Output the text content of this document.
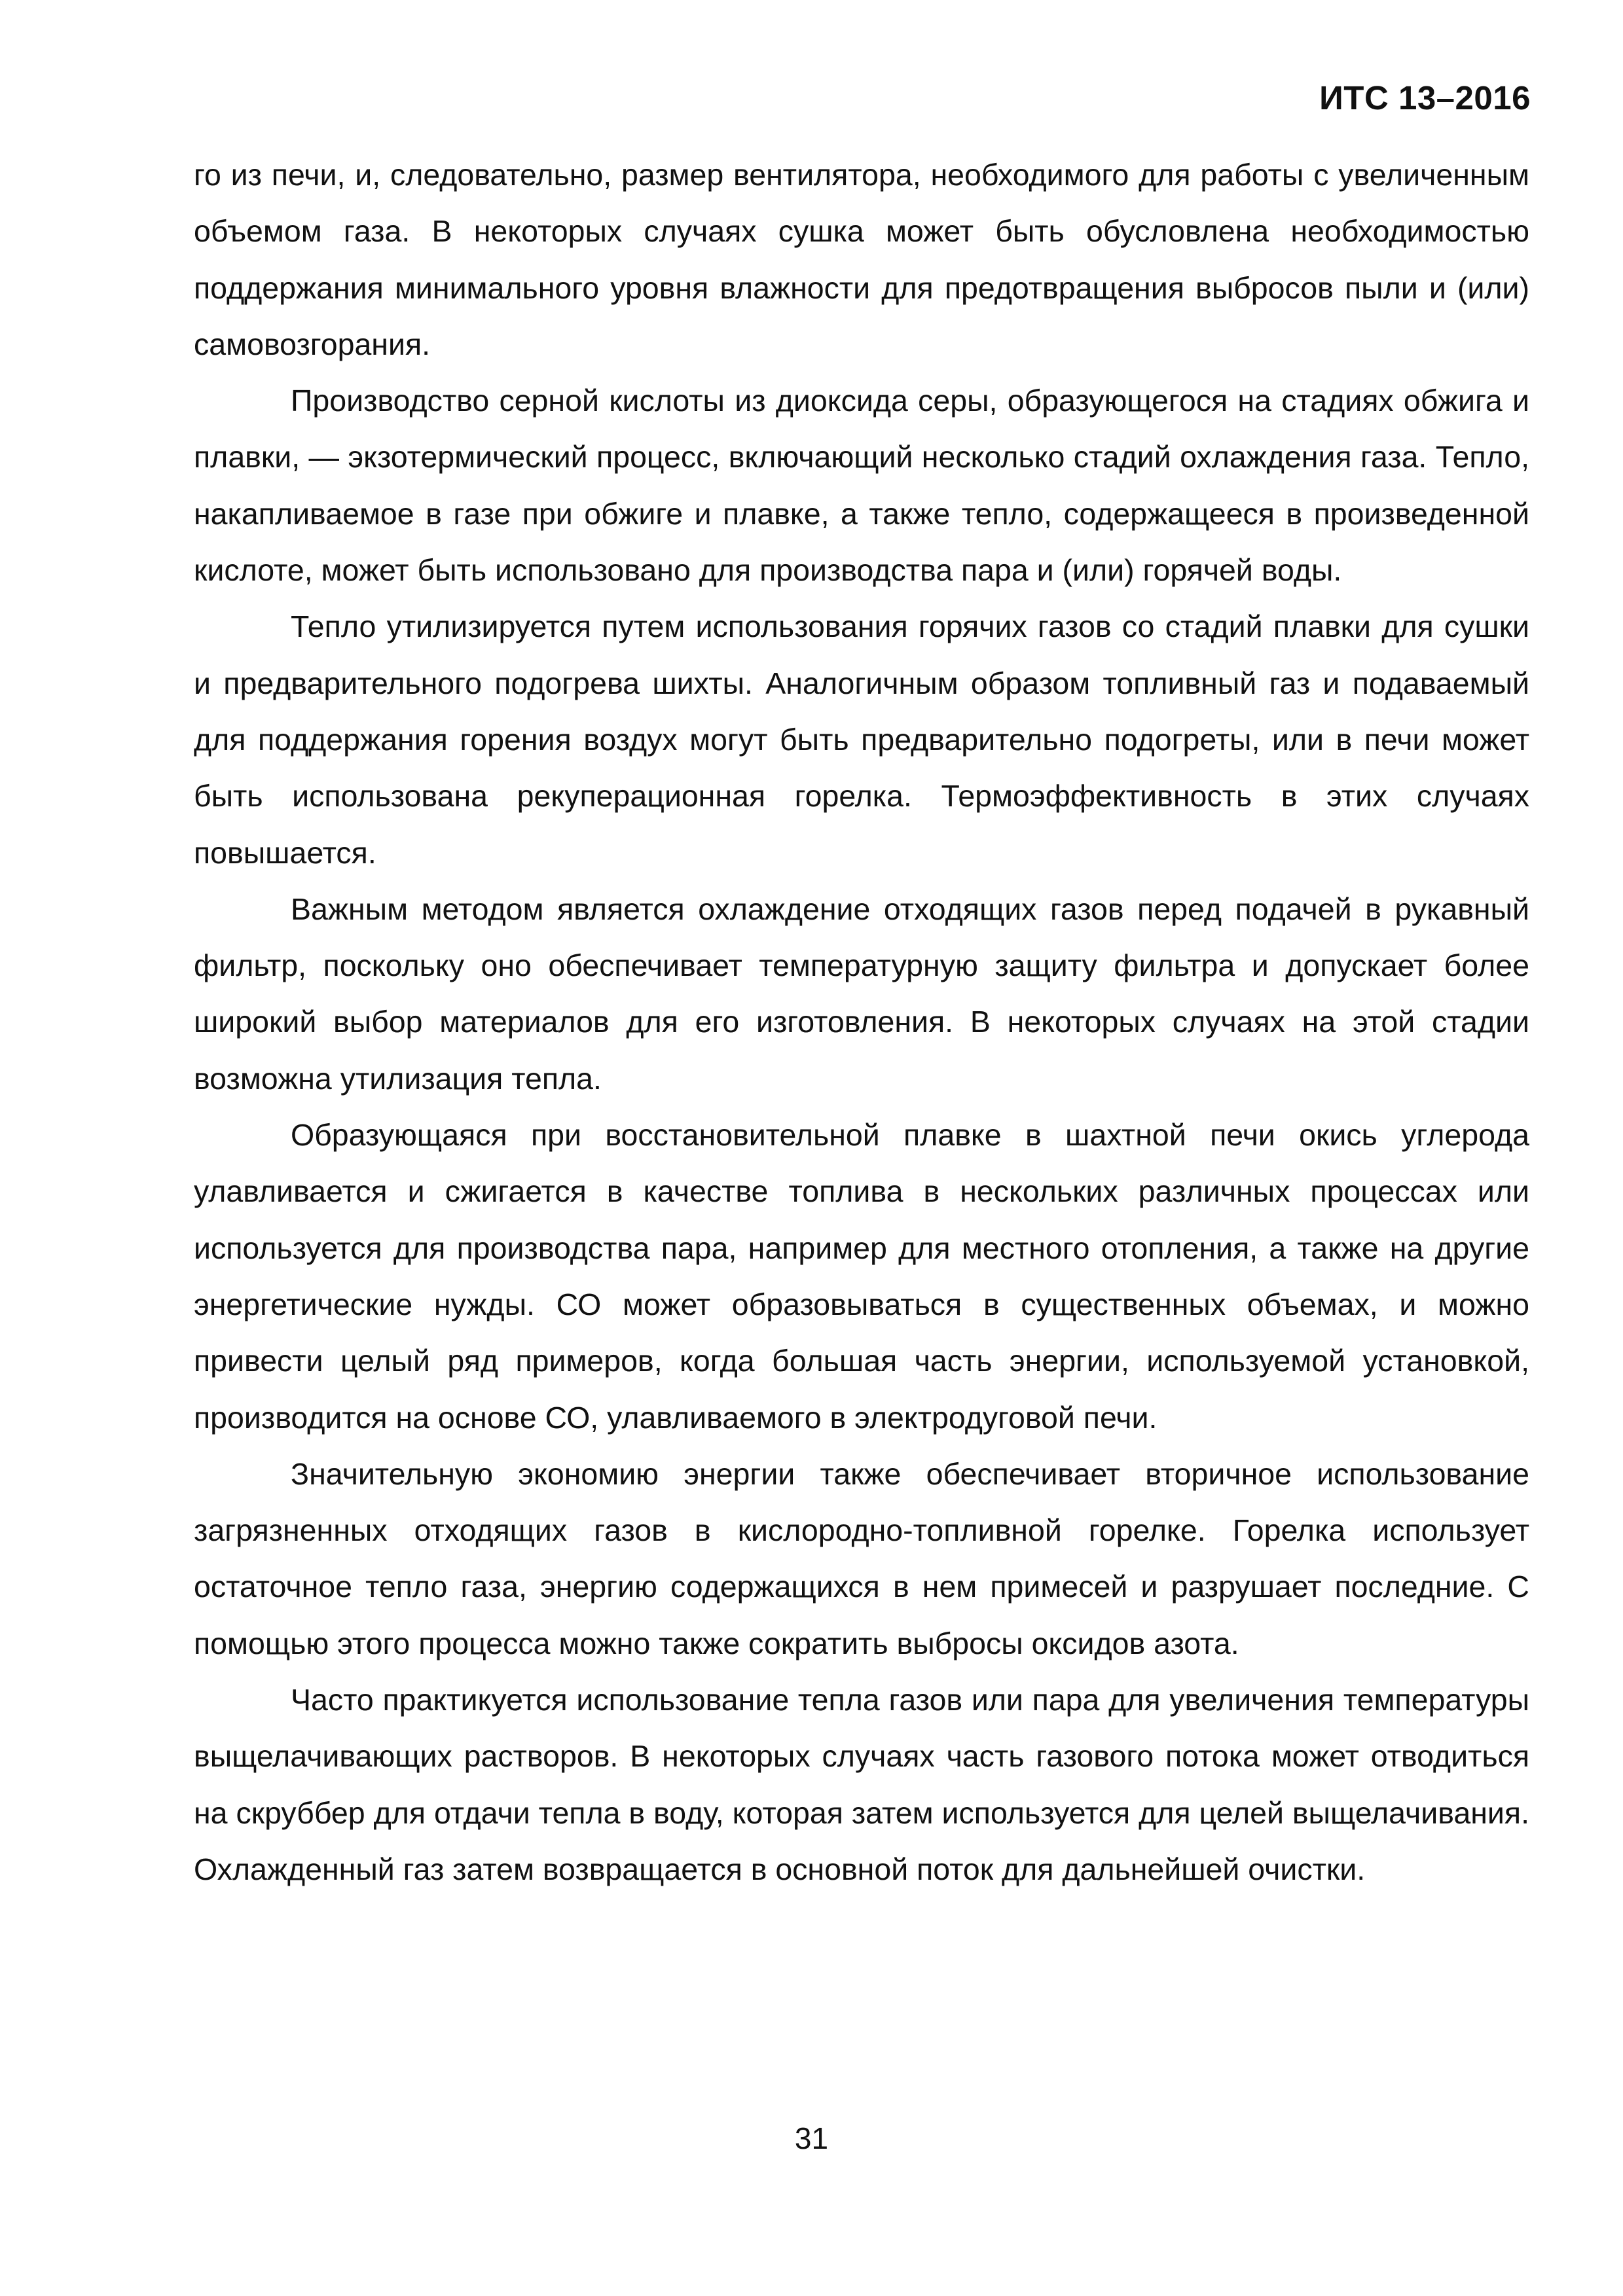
ИТС 13–2016

го из печи, и, следовательно, размер вентилятора, необходимого для работы с увеличенным объемом газа. В некоторых случаях сушка может быть обусловлена необходимостью поддержания минимального уровня влажности для предотвращения выбросов пыли и (или) самовозгорания.

Производство серной кислоты из диоксида серы, образующегося на стадиях обжига и плавки, — экзотермический процесс, включающий несколько стадий охлаждения газа. Тепло, накапливаемое в газе при обжиге и плавке, а также тепло, содержащееся в произведенной кислоте, может быть использовано для производства пара и (или) горячей воды.

Тепло утилизируется путем использования горячих газов со стадий плавки для сушки и предварительного подогрева шихты. Аналогичным образом топливный газ и подаваемый для поддержания горения воздух могут быть предварительно подогреты, или в печи может быть использована рекуперационная горелка. Термоэффективность в этих случаях повышается.

Важным методом является охлаждение отходящих газов перед подачей в рукавный фильтр, поскольку оно обеспечивает температурную защиту фильтра и допускает более широкий выбор материалов для его изготовления. В некоторых случаях на этой стадии возможна утилизация тепла.

Образующаяся при восстановительной плавке в шахтной печи окись углерода улавливается и сжигается в качестве топлива в нескольких различных процессах или используется для производства пара, например для местного отопления, а также на другие энергетические нужды. СО может образовываться в существенных объемах, и можно привести целый ряд примеров, когда большая часть энергии, используемой установкой, производится на основе СО, улавливаемого в электродуговой печи.

Значительную экономию энергии также обеспечивает вторичное использование загрязненных отходящих газов в кислородно-топливной горелке. Горелка использует остаточное тепло газа, энергию содержащихся в нем примесей и разрушает последние. С помощью этого процесса можно также сократить выбросы оксидов азота.

Часто практикуется использование тепла газов или пара для увеличения температуры выщелачивающих растворов. В некоторых случаях часть газового потока может отводиться на скруббер для отдачи тепла в воду, которая затем используется для целей выщелачивания. Охлажденный газ затем возвращается в основной поток для дальнейшей очистки.

31
